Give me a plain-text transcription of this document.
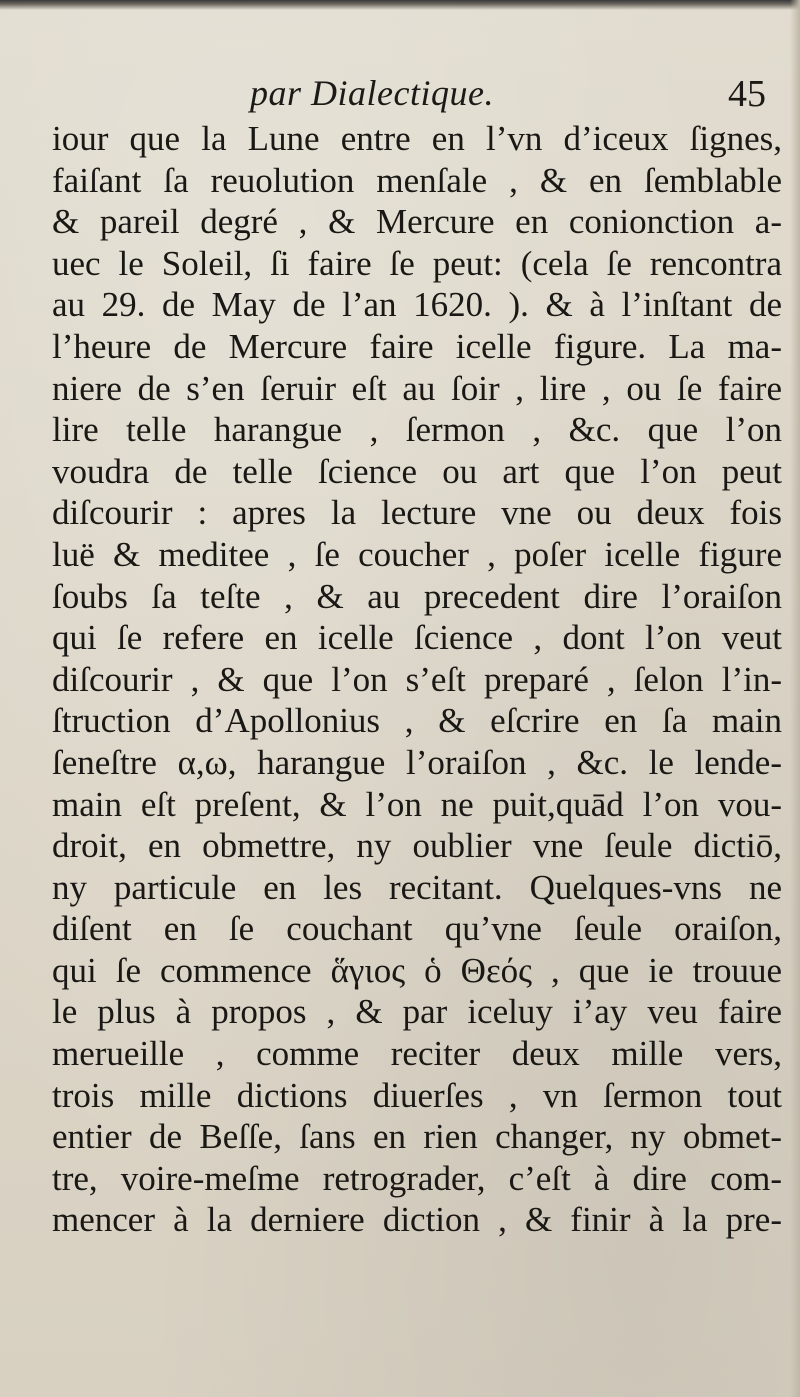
par Dialectique.	45
iour que la Lune entre en l’vn d’iceux ſignes,
faiſant ſa reuolution menſale , & en ſemblable
& pareil degré , & Mercure en conionction a-
uec le Soleil, ſi faire ſe peut: (cela ſe rencontra
au 29. de May de l’an 1620. ). & à l’inſtant de
l’heure de Mercure faire icelle figure. La ma-
niere de s’en ſeruir eſt au ſoir , lire , ou ſe faire
lire telle harangue , ſermon , &c. que l’on
voudra de telle ſcience ou art que l’on peut
diſcourir : apres la lecture vne ou deux fois
luë & meditee , ſe coucher , poſer icelle figure
ſoubs ſa teſte , & au precedent dire l’oraiſon
qui ſe refere en icelle ſcience , dont l’on veut
diſcourir , & que l’on s’eſt preparé , ſelon l’in-
ſtruction d’Apollonius , & eſcrire en ſa main
ſeneſtre α,ω, harangue l’oraiſon , &c. le lende-
main eſt preſent, & l’on ne puit,quād l’on vou-
droit, en obmettre, ny oublier vne ſeule dictiō,
ny particule en les recitant. Quelques-vns ne
diſent en ſe couchant qu’vne ſeule oraiſon,
qui ſe commence ἅγιος ὁ Θεός , que ie trouue
le plus à propos , & par iceluy i’ay veu faire
merueille , comme reciter deux mille vers,
trois mille dictions diuerſes , vn ſermon tout
entier de Beſſe, ſans en rien changer, ny obmet-
tre, voire-meſme retrograder, c’eſt à dire com-
mencer à la derniere diction , & finir à la pre-
